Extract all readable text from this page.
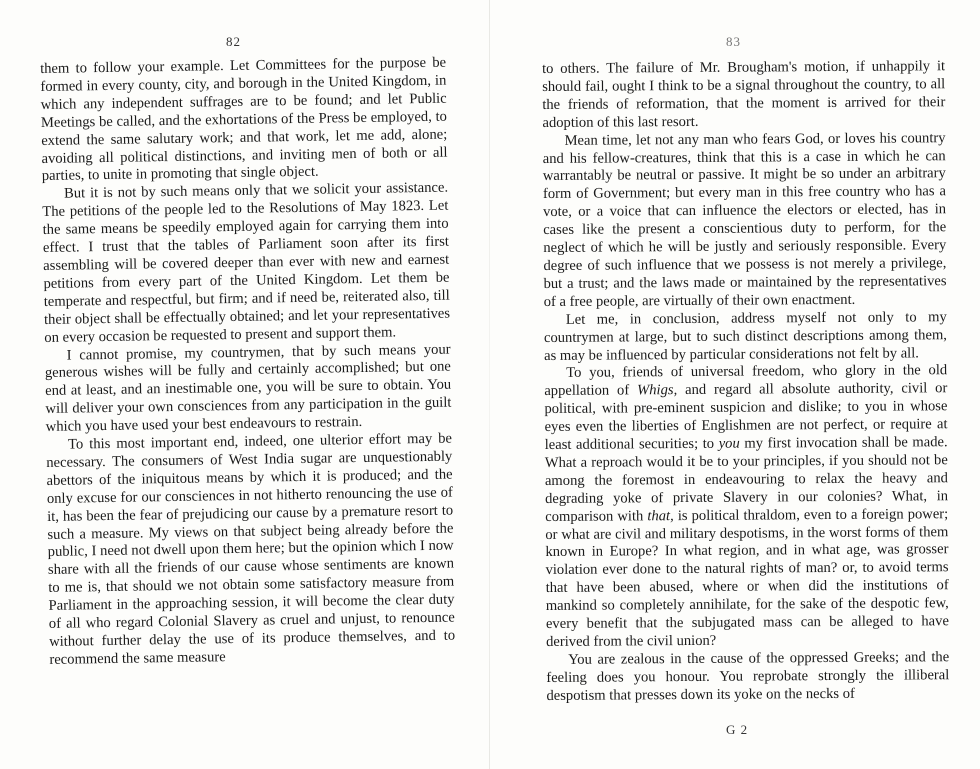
82

them to follow your example. Let Committees for the purpose be formed in every county, city, and borough in the United Kingdom, in which any independent suffrages are to be found; and let Public Meetings be called, and the exhortations of the Press be employed, to extend the same salutary work; and that work, let me add, alone; avoiding all political distinctions, and inviting men of both or all parties, to unite in promoting that single object.

But it is not by such means only that we solicit your assistance. The petitions of the people led to the Resolutions of May 1823. Let the same means be speedily employed again for carrying them into effect. I trust that the tables of Parliament soon after its first assembling will be covered deeper than ever with new and earnest petitions from every part of the United Kingdom. Let them be temperate and respectful, but firm; and if need be, reiterated also, till their object shall be effectually obtained; and let your representatives on every occasion be requested to present and support them.

I cannot promise, my countrymen, that by such means your generous wishes will be fully and certainly accomplished; but one end at least, and an inestimable one, you will be sure to obtain. You will deliver your own consciences from any participation in the guilt which you have used your best endeavours to restrain.

To this most important end, indeed, one ulterior effort may be necessary. The consumers of West India sugar are unquestionably abettors of the iniquitous means by which it is produced; and the only excuse for our consciences in not hitherto renouncing the use of it, has been the fear of prejudicing our cause by a premature resort to such a measure. My views on that subject being already before the public, I need not dwell upon them here; but the opinion which I now share with all the friends of our cause whose sentiments are known to me is, that should we not obtain some satisfactory measure from Parliament in the approaching session, it will become the clear duty of all who regard Colonial Slavery as cruel and unjust, to renounce without further delay the use of its produce themselves, and to recommend the same measure

83

to others. The failure of Mr. Brougham's motion, if unhappily it should fail, ought I think to be a signal throughout the country, to all the friends of reformation, that the moment is arrived for their adoption of this last resort.

Mean time, let not any man who fears God, or loves his country and his fellow-creatures, think that this is a case in which he can warrantably be neutral or passive. It might be so under an arbitrary form of Government; but every man in this free country who has a vote, or a voice that can influence the electors or elected, has in cases like the present a conscientious duty to perform, for the neglect of which he will be justly and seriously responsible. Every degree of such influence that we possess is not merely a privilege, but a trust; and the laws made or maintained by the representatives of a free people, are virtually of their own enactment.

Let me, in conclusion, address myself not only to my countrymen at large, but to such distinct descriptions among them, as may be influenced by particular considerations not felt by all.

To you, friends of universal freedom, who glory in the old appellation of Whigs, and regard all absolute authority, civil or political, with pre-eminent suspicion and dislike; to you in whose eyes even the liberties of Englishmen are not perfect, or require at least additional securities; to you my first invocation shall be made. What a reproach would it be to your principles, if you should not be among the foremost in endeavouring to relax the heavy and degrading yoke of private Slavery in our colonies? What, in comparison with that, is political thraldom, even to a foreign power; or what are civil and military despotisms, in the worst forms of them known in Europe? In what region, and in what age, was grosser violation ever done to the natural rights of man? or, to avoid terms that have been abused, where or when did the institutions of mankind so completely annihilate, for the sake of the despotic few, every benefit that the subjugated mass can be alleged to have derived from the civil union?

You are zealous in the cause of the oppressed Greeks; and the feeling does you honour. You reprobate strongly the illiberal despotism that presses down its yoke on the necks of

G 2
